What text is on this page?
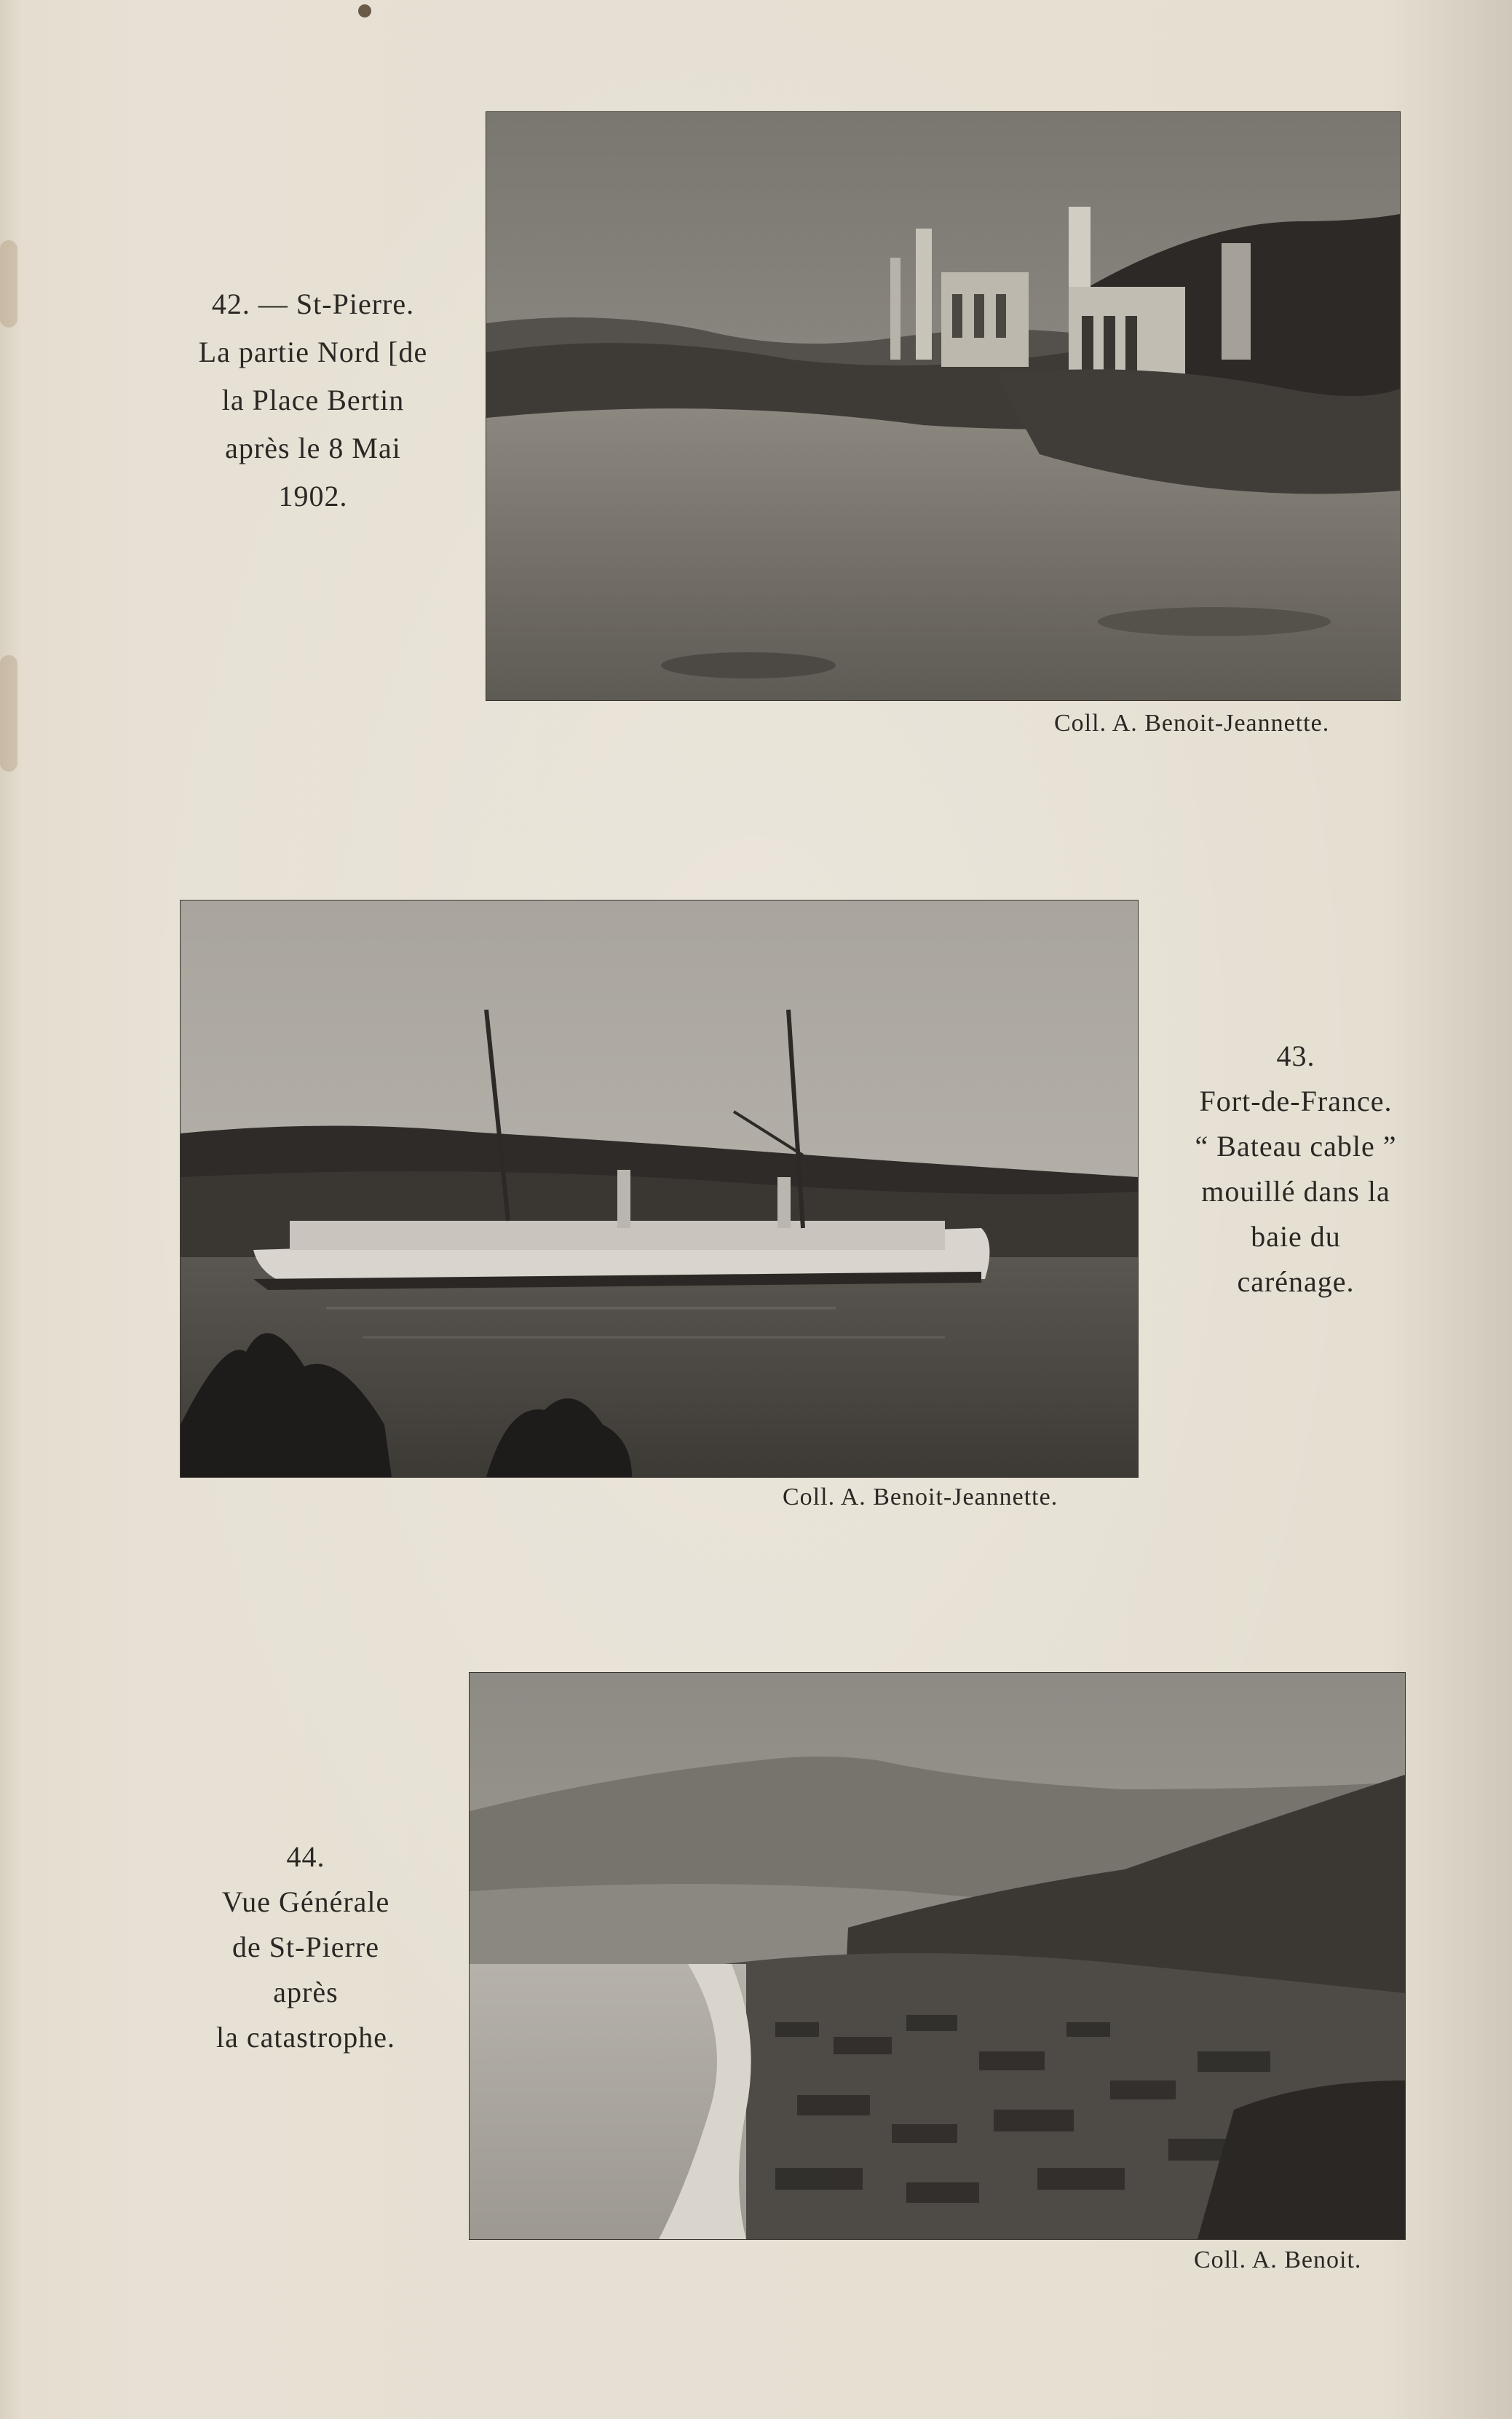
42. — St-Pierre.
La partie Nord [de
la Place Bertin
après le 8 Mai
1902.
Coll. A. Benoit-Jeannette.
43.
Fort-de-France.
“ Bateau cable ”
mouillé dans la
baie du
carénage.
Coll. A. Benoit-Jeannette.
44.
Vue Générale
de St-Pierre
après
la catastrophe.
Coll. A. Benoit.
